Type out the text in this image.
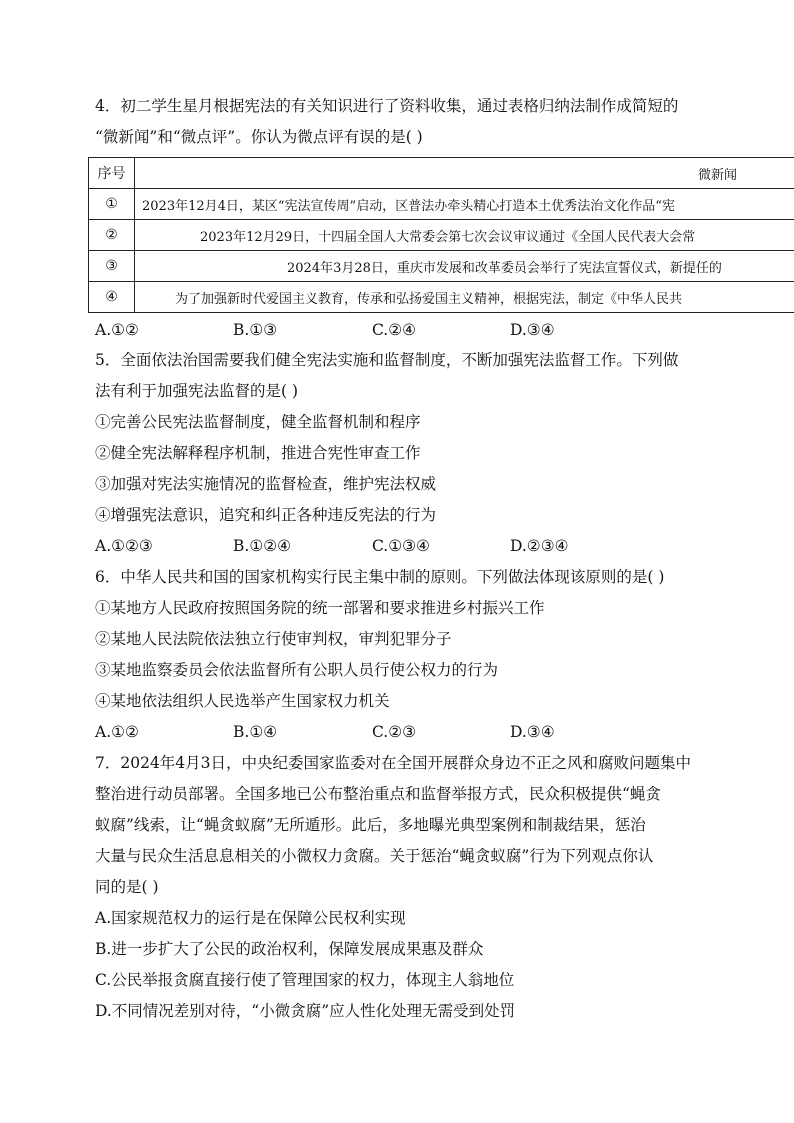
4．初二学生星月根据宪法的有关知识进行了资料收集，通过表格归纳法制作成简短的
“微新闻”和“微点评”。你认为微点评有误的是( )
序号	微新闻
①	2023年12月4日，某区“宪法宣传周”启动，区普法办牵头精心打造本土优秀法治文化作品“宪
②	2023年12月29日，十四届全国人大常委会第七次会议审议通过《全国人民代表大会常
③	2024年3月28日，重庆市发展和改革委员会举行了宪法宣誓仪式，新提任的
④	为了加强新时代爱国主义教育，传承和弘扬爱国主义精神，根据宪法，制定《中华人民共
A.①②	B.①③	C.②④	D.③④
5．全面依法治国需要我们健全宪法实施和监督制度，不断加强宪法监督工作。下列做
法有利于加强宪法监督的是( )
①完善公民宪法监督制度，健全监督机制和程序
②健全宪法解释程序机制，推进合宪性审查工作
③加强对宪法实施情况的监督检查，维护宪法权威
④增强宪法意识，追究和纠正各种违反宪法的行为
A.①②③	B.①②④	C.①③④	D.②③④
6．中华人民共和国的国家机构实行民主集中制的原则。下列做法体现该原则的是( )
①某地方人民政府按照国务院的统一部署和要求推进乡村振兴工作
②某地人民法院依法独立行使审判权，审判犯罪分子
③某地监察委员会依法监督所有公职人员行使公权力的行为
④某地依法组织人民选举产生国家权力机关
A.①②	B.①④	C.②③	D.③④
7．2024年4月3日，中央纪委国家监委对在全国开展群众身边不正之风和腐败问题集中
整治进行动员部署。全国多地已公布整治重点和监督举报方式，民众积极提供“蝇贪
蚁腐”线索，让“蝇贪蚁腐”无所遁形。此后，多地曝光典型案例和制裁结果，惩治
大量与民众生活息息相关的小微权力贪腐。关于惩治“蝇贪蚁腐”行为下列观点你认
同的是( )
A.国家规范权力的运行是在保障公民权利实现
B.进一步扩大了公民的政治权利，保障发展成果惠及群众
C.公民举报贪腐直接行使了管理国家的权力，体现主人翁地位
D.不同情况差别对待，“小微贪腐”应人性化处理无需受到处罚
